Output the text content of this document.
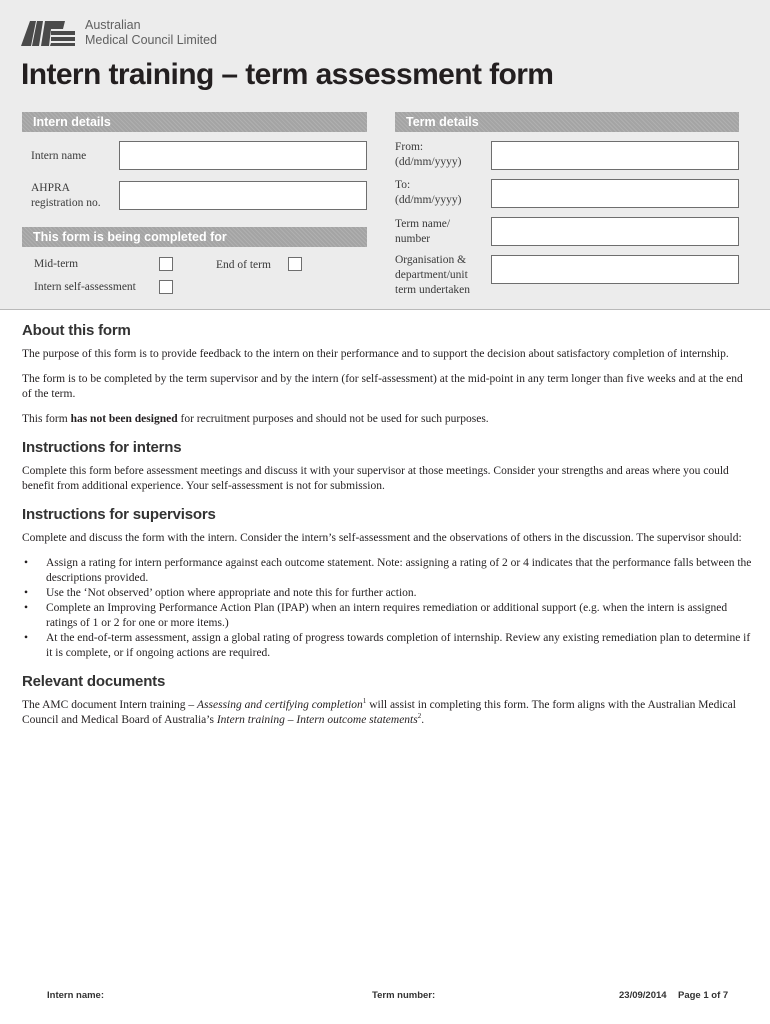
Australian
Medical Council Limited
Intern training – term assessment form
Intern details
Intern name
AHPRA
registration no.
This form is being completed for
Mid-term	End of term
Intern self-assessment
Term details
From:
(dd/mm/yyyy)
To:
(dd/mm/yyyy)
Term name/
number
Organisation &
department/unit
term undertaken
About this form

The purpose of this form is to provide feedback to the intern on their performance and to support the decision about satisfactory completion of internship.

The form is to be completed by the term supervisor and by the intern (for self-assessment) at the mid-point in any term longer than five weeks and at the end of the term.

This form has not been designed for recruitment purposes and should not be used for such purposes.

Instructions for interns

Complete this form before assessment meetings and discuss it with your supervisor at those meetings. Consider your strengths and areas where you could benefit from additional experience. Your self-assessment is not for submission.

Instructions for supervisors

Complete and discuss the form with the intern. Consider the intern’s self-assessment and the observations of others in the discussion. The supervisor should:

• Assign a rating for intern performance against each outcome statement. Note: assigning a rating of 2 or 4 indicates that the performance falls between the descriptions provided.
• Use the ‘Not observed’ option where appropriate and note this for further action.
• Complete an Improving Performance Action Plan (IPAP) when an intern requires remediation or additional support (e.g. when the intern is assigned ratings of 1 or 2 for one or more items.)
• At the end-of-term assessment, assign a global rating of progress towards completion of internship. Review any existing remediation plan to determine if it is complete, or if ongoing actions are required.
Relevant documents

The AMC document Intern training – Assessing and certifying completion$^1$ will assist in completing this form. The form aligns with the Australian Medical Council and Medical Board of Australia’s Intern training – Intern outcome statements$^2$.

Intern name:	Term number:	23/09/2014 Page 1 of 7
